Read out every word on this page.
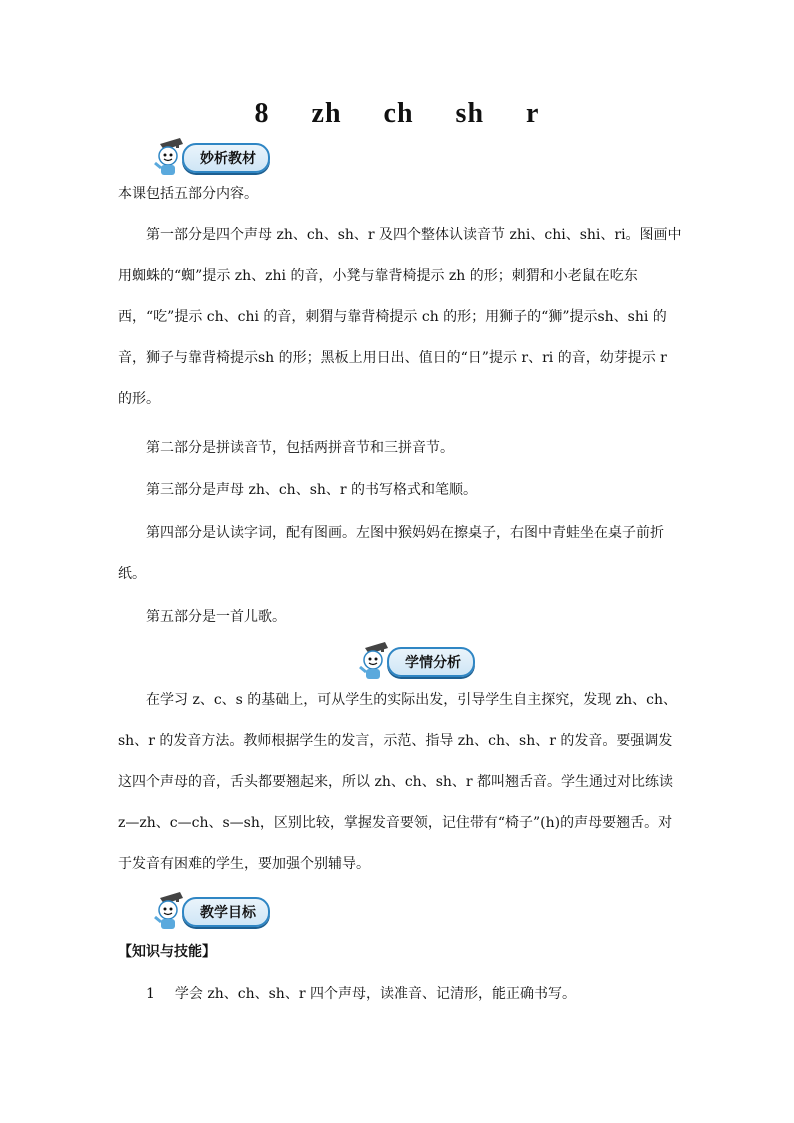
8 zh ch sh r
妙析教材

本课包括五部分内容。

第一部分是四个声母 zh、ch、sh、r 及四个整体认读音节 zhi、chi、shi、ri。图画中用蜘蛛的“蜘”提示 zh、zhi 的音，小凳与靠背椅提示 zh 的形；刺猬和小老鼠在吃东西，“吃”提示 ch、chi 的音，刺猬与靠背椅提示 ch 的形；用狮子的“狮”提示sh、shi 的音，狮子与靠背椅提示sh 的形；黑板上用日出、值日的“日”提示 r、ri 的音，幼芽提示 r 的形。

第二部分是拼读音节，包括两拼音节和三拼音节。

第三部分是声母 zh、ch、sh、r 的书写格式和笔顺。

第四部分是认读字词，配有图画。左图中猴妈妈在擦桌子，右图中青蛙坐在桌子前折纸。

第五部分是一首儿歌。

学情分析

在学习 z、c、s 的基础上，可从学生的实际出发，引导学生自主探究，发现 zh、ch、sh、r 的发音方法。教师根据学生的发言，示范、指导 zh、ch、sh、r 的发音。要强调发这四个声母的音，舌头都要翘起来，所以 zh、ch、sh、r 都叫翘舌音。学生通过对比练读 z—zh、c—ch、s—sh，区别比较，掌握发音要领，记住带有“椅子”(h)的声母要翘舌。对于发音有困难的学生，要加强个别辅导。

教学目标

【知识与技能】

1 学会 zh、ch、sh、r 四个声母，读准音、记清形，能正确书写。
